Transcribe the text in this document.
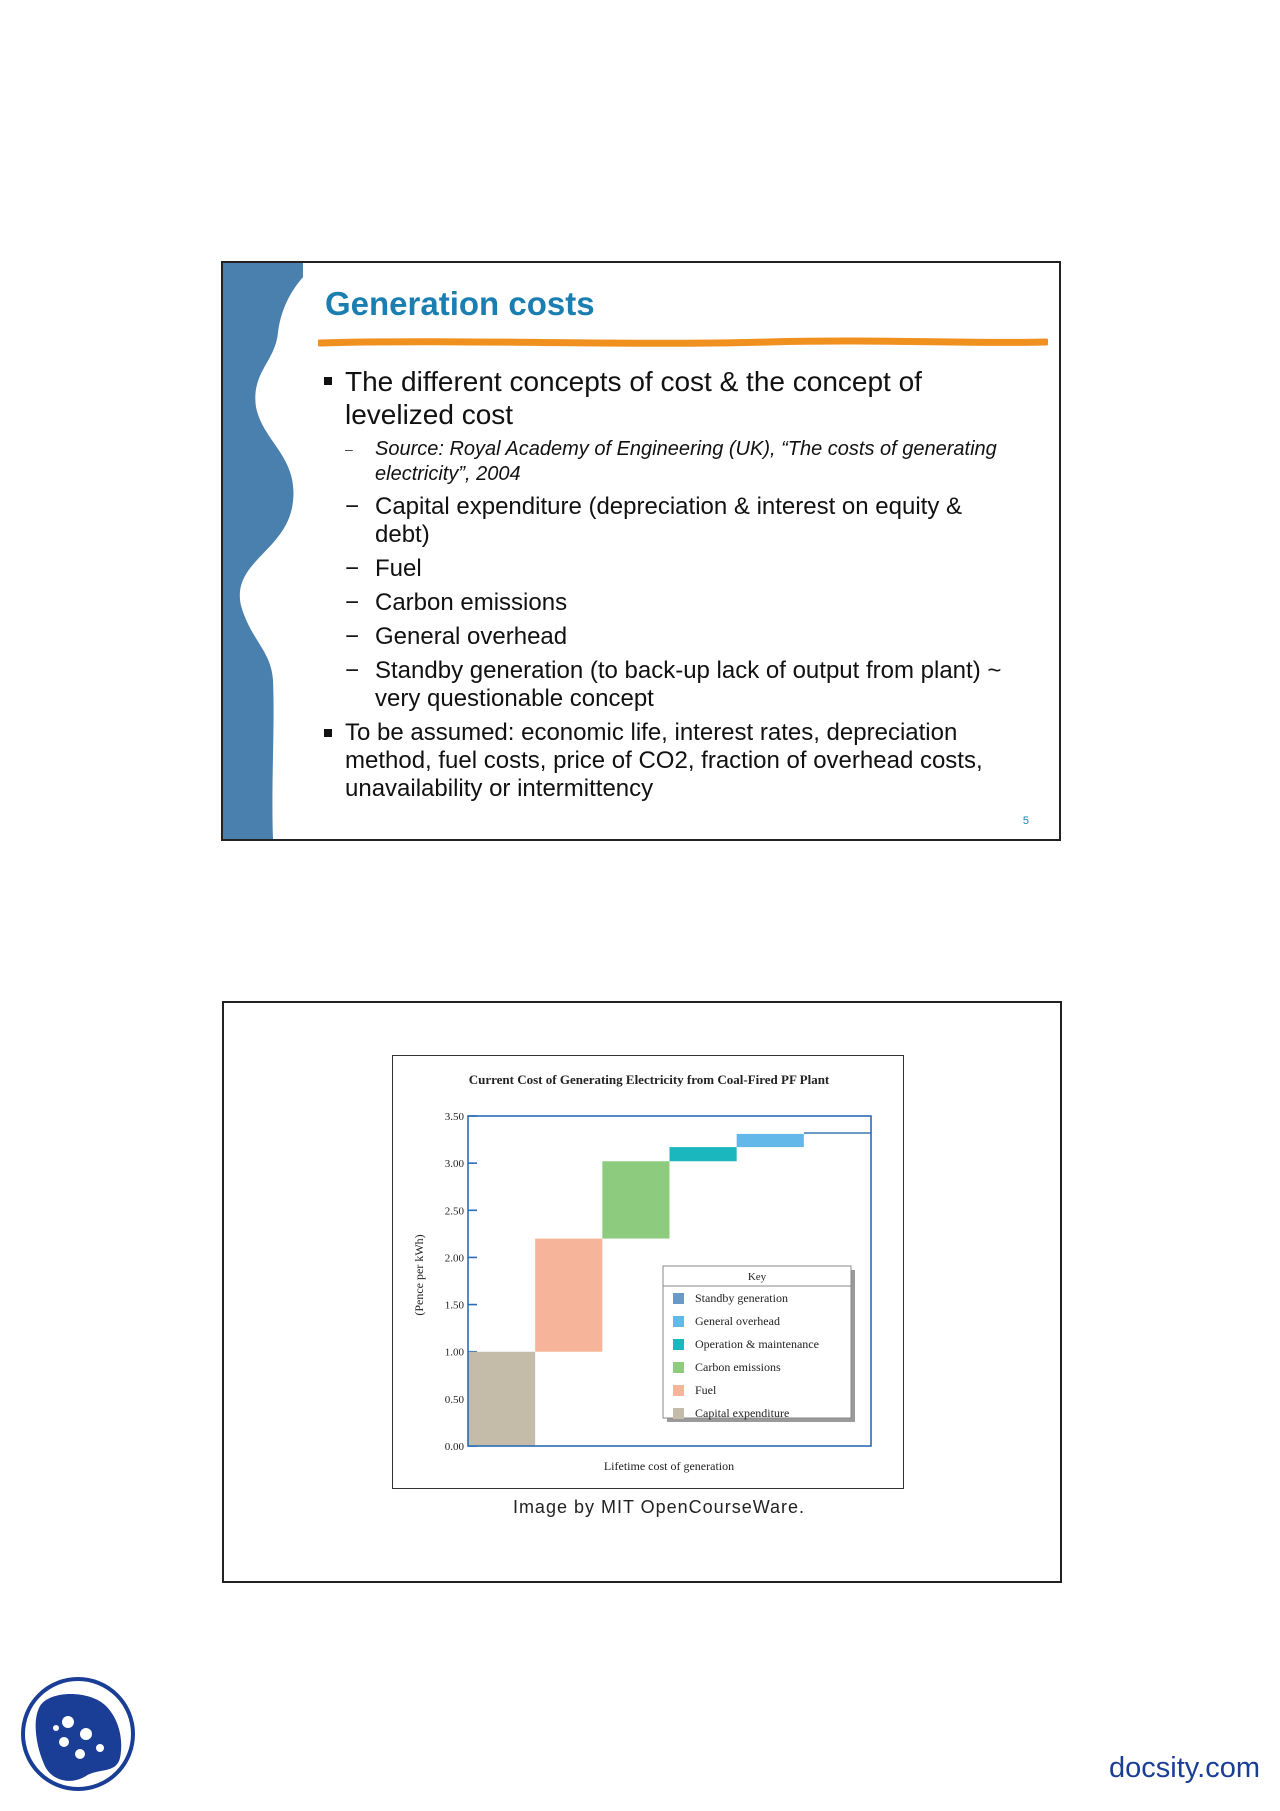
Generation costs
The different concepts of cost & the concept of levelized cost
– Source: Royal Academy of Engineering (UK), “The costs of generating electricity”, 2004
− Capital expenditure (depreciation & interest on equity & debt)
− Fuel
− Carbon emissions
− General overhead
− Standby generation (to back-up lack of output from plant) ~ very questionable concept
To be assumed: economic life, interest rates, depreciation method, fuel costs, price of CO2, fraction of overhead costs, unavailability or intermittency
5
Current Cost of Generating Electricity from Coal-Fired PF Plant
(Pence per kWh)
Lifetime cost of generation
0.00
0.50
1.00
1.50
2.00
2.50
3.00
3.50
Key
Standby generation
General overhead
Operation & maintenance
Carbon emissions
Fuel
Capital expenditure
Image by MIT OpenCourseWare.
docsity.com
